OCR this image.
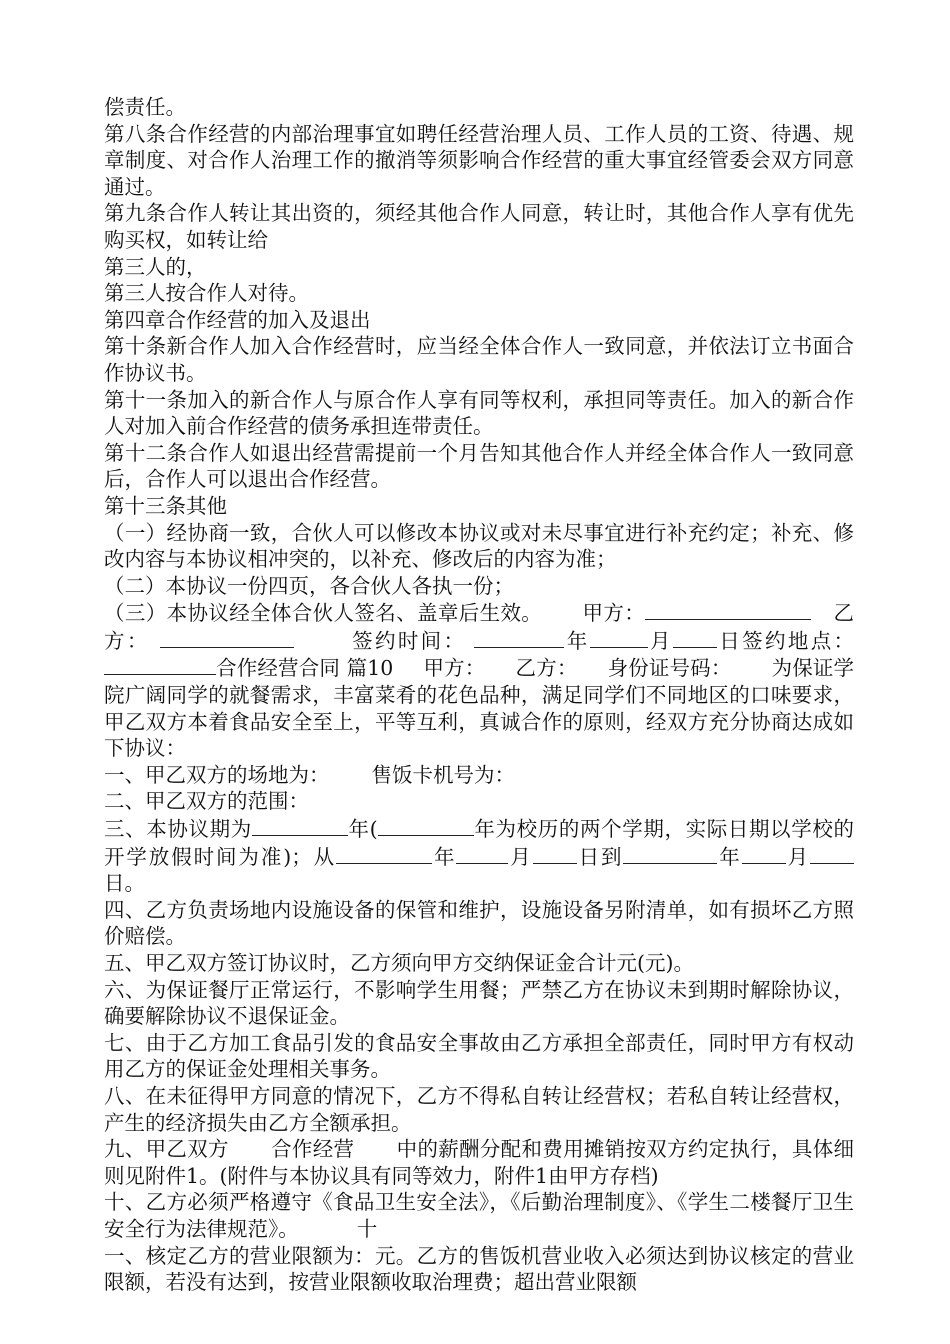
偿责任。

第八条合作经营的内部治理事宜如聘任经营治理人员、工作人员的工资、待遇、规章制度、对合作人治理工作的撤消等须影响合作经营的重大事宜经管委会双方同意通过。

第九条合作人转让其出资的，须经其他合作人同意，转让时，其他合作人享有优先购买权，如转让给

第三人的，

第三人按合作人对待。

第四章合作经营的加入及退出

第十条新合作人加入合作经营时，应当经全体合作人一致同意，并依法订立书面合作协议书。

第十一条加入的新合作人与原合作人享有同等权利，承担同等责任。加入的新合作人对加入前合作经营的债务承担连带责任。

第十二条合作人如退出经营需提前一个月告知其他合作人并经全体合作人一致同意后，合作人可以退出合作经营。

第十三条其他

（一）经协商一致，合伙人可以修改本协议或对未尽事宜进行补充约定；补充、修改内容与本协议相冲突的，以补充、修改后的内容为准；

（二）本协议一份四页，各合伙人各执一份；

（三）本协议经全体合伙人签名、盖章后生效。 甲方：	乙方：	签约时间：	年	月 日签约地点：合作经营合同 篇10 甲方： 乙方： 身份证号码： 为保证学院广阔同学的就餐需求，丰富菜肴的花色品种，满足同学们不同地区的口味要求，甲乙双方本着食品安全至上，平等互利，真诚合作的原则，经双方充分协商达成如下协议：

一、甲乙双方的场地为： 售饭卡机号为：

二、甲乙双方的范围：

三、本协议期为	年(	年为校历的两个学期，实际日期以学校的开学放假时间为准)；从	年	月 日到	年 月日。

四、乙方负责场地内设施设备的保管和维护，设施设备另附清单，如有损坏乙方照价赔偿。

五、甲乙双方签订协议时，乙方须向甲方交纳保证金合计元(元)。

六、为保证餐厅正常运行，不影响学生用餐；严禁乙方在协议未到期时解除协议，确要解除协议不退保证金。

七、由于乙方加工食品引发的食品安全事故由乙方承担全部责任，同时甲方有权动用乙方的保证金处理相关事务。

八、在未征得甲方同意的情况下，乙方不得私自转让经营权；若私自转让经营权，产生的经济损失由乙方全额承担。

九、甲乙双方 合作经营 中的薪酬分配和费用摊销按双方约定执行，具体细则见附件1。(附件与本协议具有同等效力，附件1由甲方存档)

十、乙方必须严格遵守《食品卫生安全法》，《后勤治理制度》、《学生二楼餐厅卫生安全行为法律规范》。	十

一、核定乙方的营业限额为：元。乙方的售饭机营业收入必须达到协议核定的营业限额，若没有达到，按营业限额收取治理费；超出营业限额
